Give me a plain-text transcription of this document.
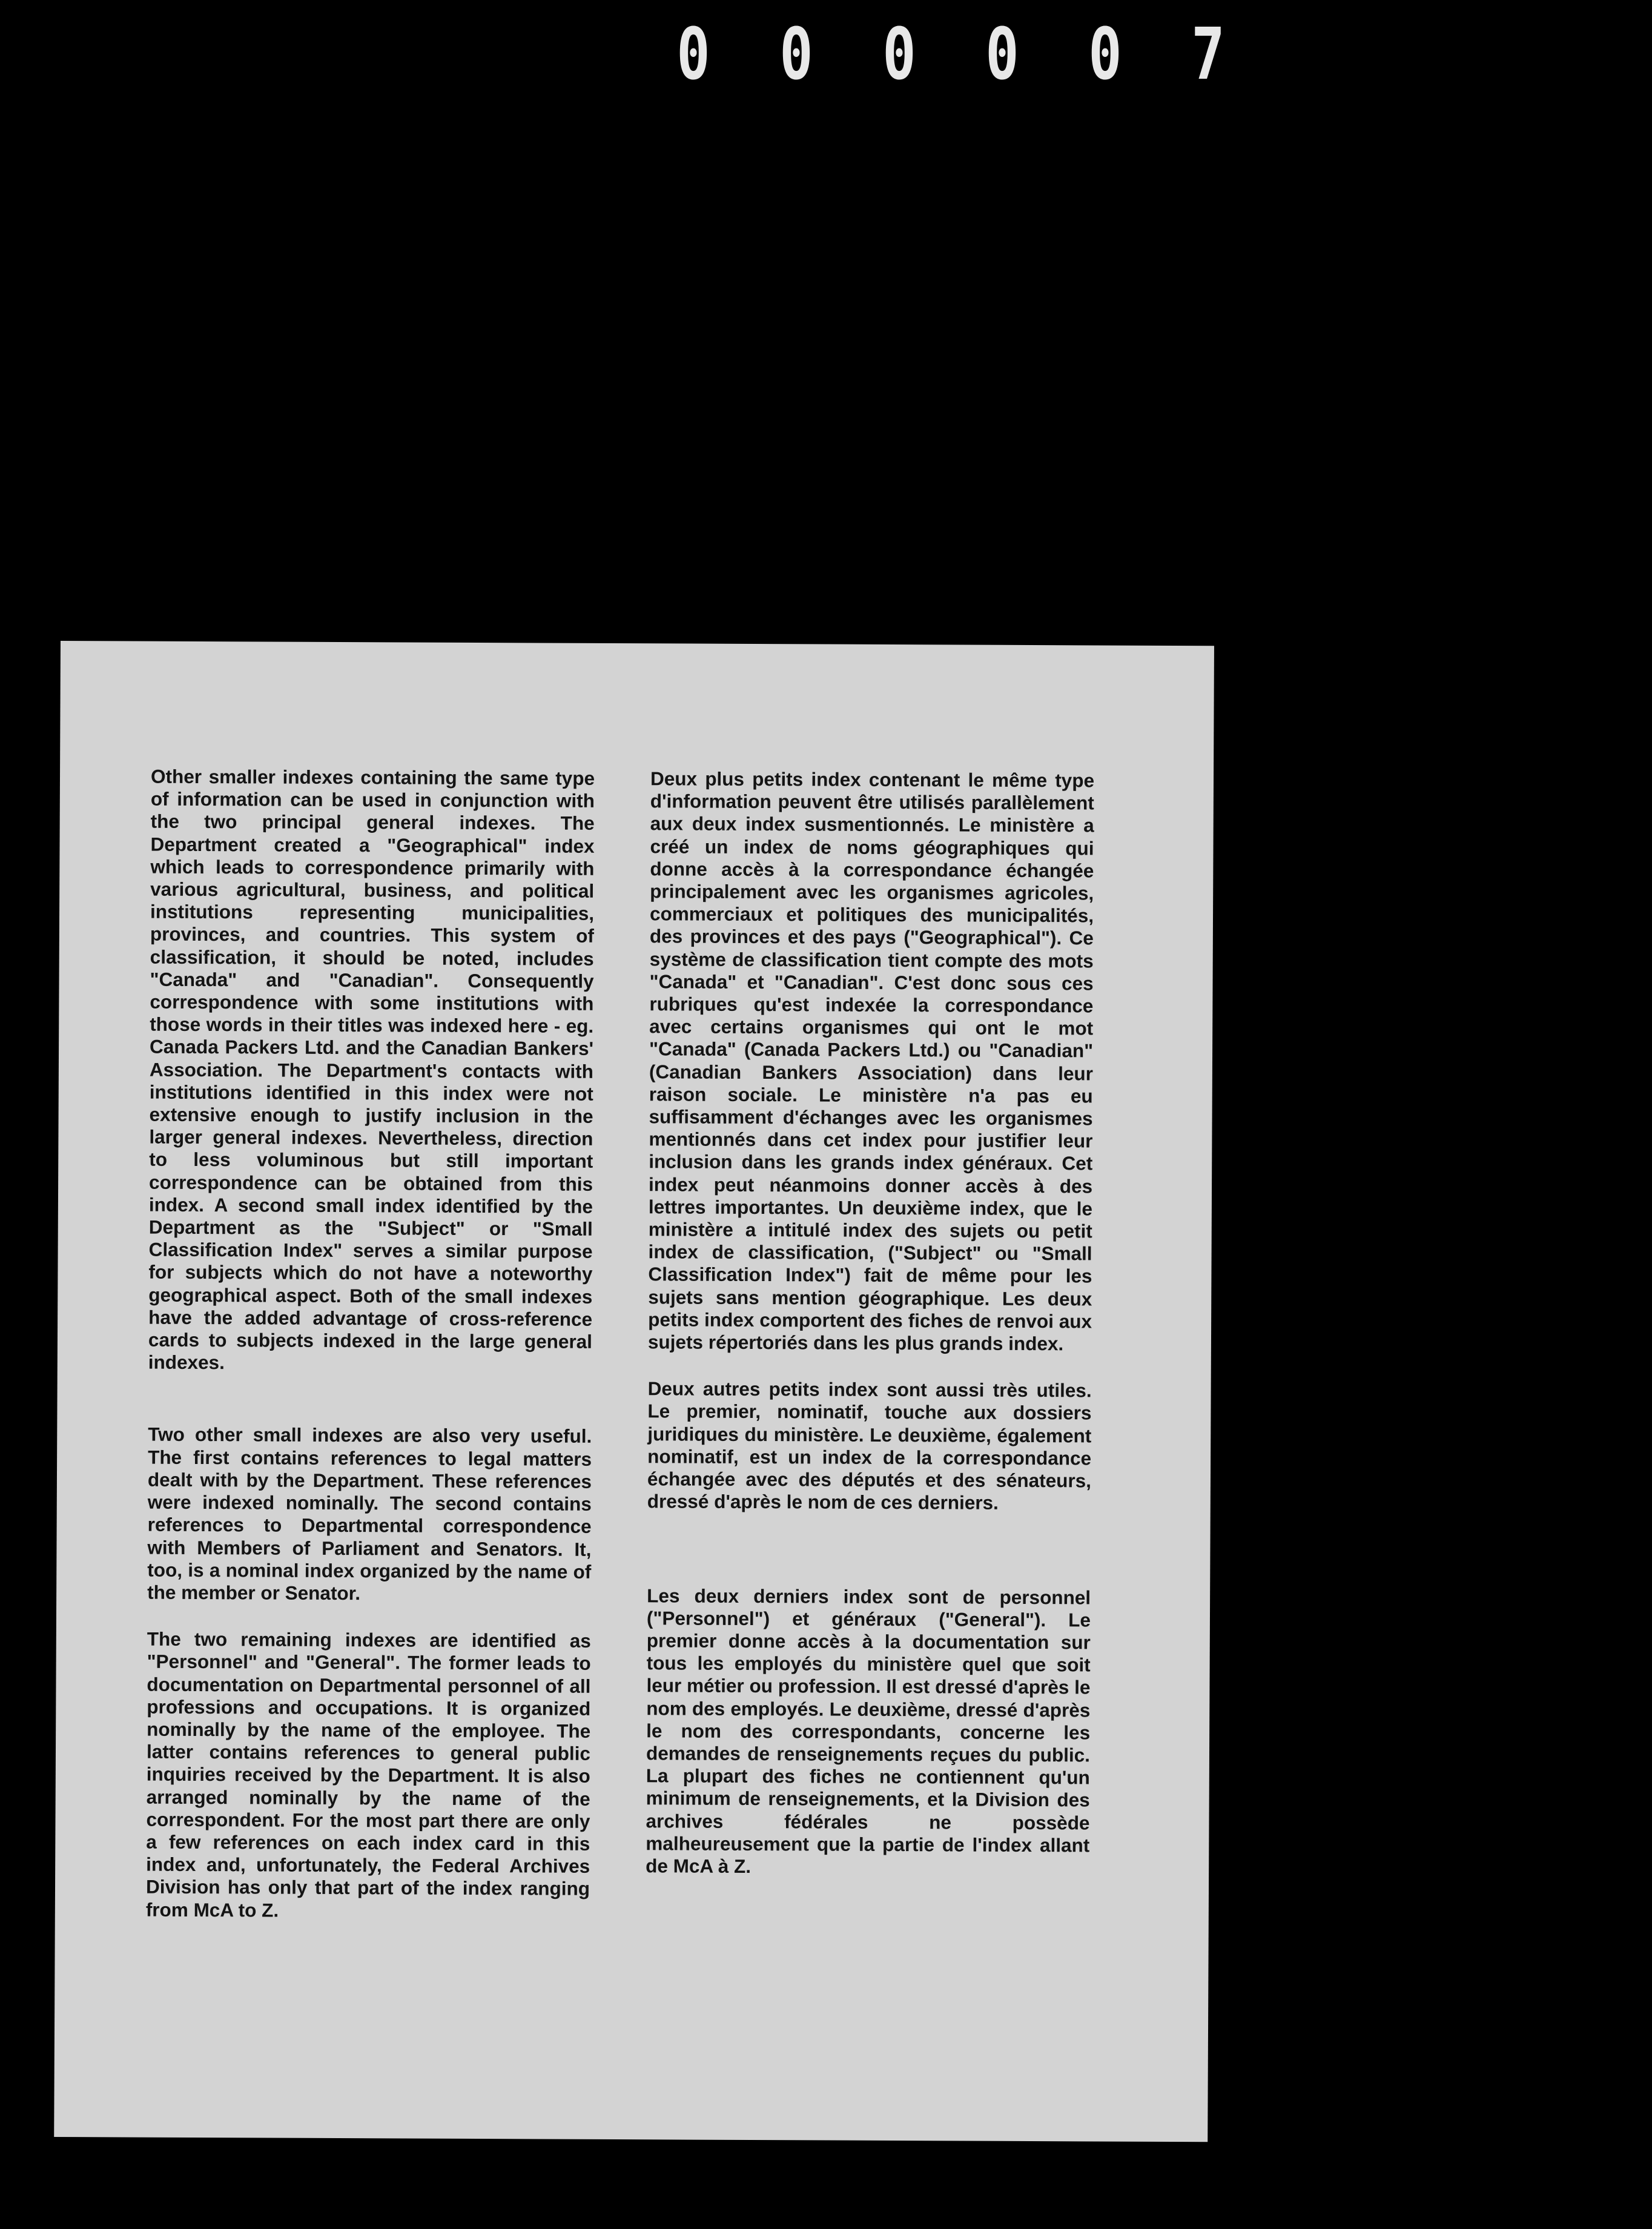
0 0 0 0 0 7

Other smaller indexes containing the same type of information can be used in conjunction with the two principal general indexes. The Department created a "Geographical" index which leads to correspondence primarily with various agricultural, business, and political institutions representing municipalities, provinces, and countries. This system of classification, it should be noted, includes "Canada" and "Canadian". Consequently correspondence with some institutions with those words in their titles was indexed here - eg. Canada Packers Ltd. and the Canadian Bankers' Association. The Department's contacts with institutions identified in this index were not extensive enough to justify inclusion in the larger general indexes. Nevertheless, direction to less voluminous but still important correspondence can be obtained from this index. A second small index identified by the Department as the "Subject" or "Small Classification Index" serves a similar purpose for subjects which do not have a noteworthy geographical aspect. Both of the small indexes have the added advantage of cross-reference cards to subjects indexed in the large general indexes.

Two other small indexes are also very useful. The first contains references to legal matters dealt with by the Department. These references were indexed nominally. The second contains references to Departmental correspondence with Members of Parliament and Senators. It, too, is a nominal index organized by the name of the member or Senator.

The two remaining indexes are identified as "Personnel" and "General". The former leads to documentation on Departmental personnel of all professions and occupations. It is organized nominally by the name of the employee. The latter contains references to general public inquiries received by the Department. It is also arranged nominally by the name of the correspondent. For the most part there are only a few references on each index card in this index and, unfortunately, the Federal Archives Division has only that part of the index ranging from McA to Z.

Deux plus petits index contenant le même type d'information peuvent être utilisés parallèlement aux deux index susmentionnés. Le ministère a créé un index de noms géographiques qui donne accès à la correspondance échangée principalement avec les organismes agricoles, commerciaux et politiques des municipalités, des provinces et des pays ("Geographical"). Ce système de classification tient compte des mots "Canada" et "Canadian". C'est donc sous ces rubriques qu'est indexée la correspondance avec certains organismes qui ont le mot "Canada" (Canada Packers Ltd.) ou "Canadian" (Canadian Bankers Association) dans leur raison sociale. Le ministère n'a pas eu suffisamment d'échanges avec les organismes mentionnés dans cet index pour justifier leur inclusion dans les grands index généraux. Cet index peut néanmoins donner accès à des lettres importantes. Un deuxième index, que le ministère a intitulé index des sujets ou petit index de classification, ("Subject" ou "Small Classification Index") fait de même pour les sujets sans mention géographique. Les deux petits index comportent des fiches de renvoi aux sujets répertoriés dans les plus grands index.

Deux autres petits index sont aussi très utiles. Le premier, nominatif, touche aux dossiers juridiques du ministère. Le deuxième, également nominatif, est un index de la correspondance échangée avec des députés et des sénateurs, dressé d'après le nom de ces derniers.

Les deux derniers index sont de personnel ("Personnel") et généraux ("General"). Le premier donne accès à la documentation sur tous les employés du ministère quel que soit leur métier ou profession. Il est dressé d'après le nom des employés. Le deuxième, dressé d'après le nom des correspondants, concerne les demandes de renseignements reçues du public. La plupart des fiches ne contiennent qu'un minimum de renseignements, et la Division des archives fédérales ne possède malheureusement que la partie de l'index allant de McA à Z.
